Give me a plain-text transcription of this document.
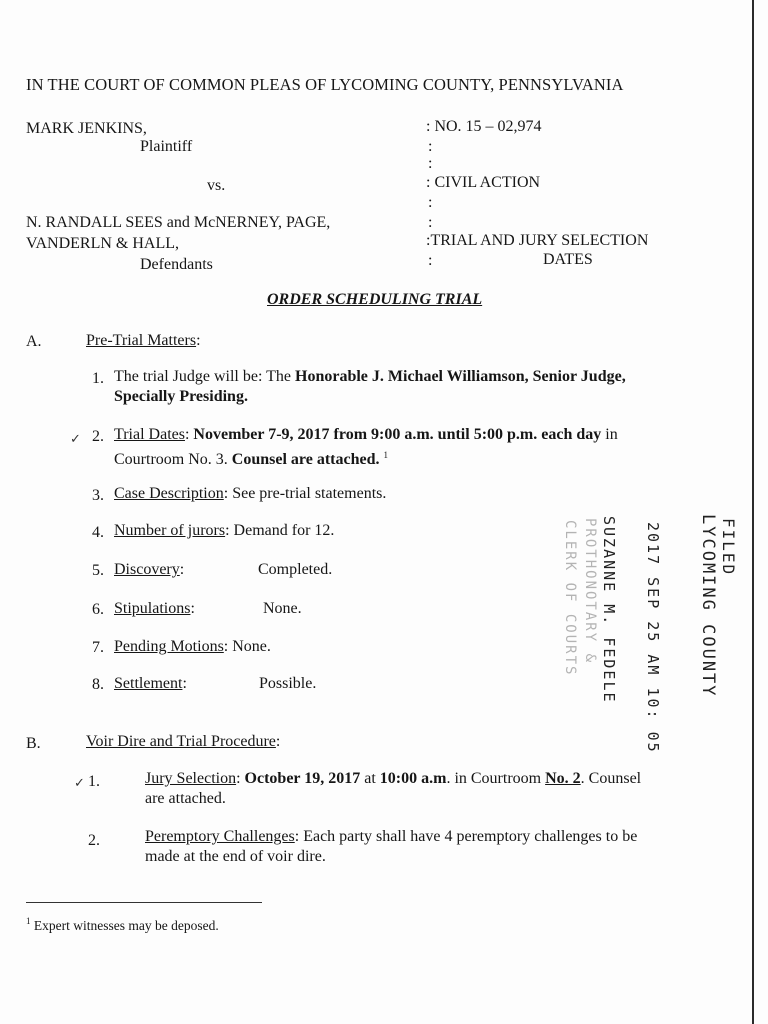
IN THE COURT OF COMMON PLEAS OF LYCOMING COUNTY, PENNSYLVANIA
MARK JENKINS,
Plaintiff
vs.
N. RANDALL SEES and McNERNEY, PAGE,
VANDERLN & HALL,
Defendants
: NO. 15 – 02,974
:
:
: CIVIL ACTION
:
:
:TRIAL AND JURY SELECTION
:	DATES
ORDER SCHEDULING TRIAL
A.	Pre-Trial Matters:
1. The trial Judge will be: The Honorable J. Michael Williamson, Senior Judge,
Specially Presiding.
✓ 2. Trial Dates: November 7-9, 2017 from 9:00 a.m. until 5:00 p.m. each day in
Courtroom No. 3. Counsel are attached. $^1$
3. Case Description: See pre-trial statements.
4. Number of jurors: Demand for 12.
5. Discovery:	Completed.
6. Stipulations:	None.
7. Pending Motions: None.
8. Settlement:	Possible.
FILED
LYCOMING COUNTY
2017 SEP 25 AM 10: 05
SUZANNE M. FEDELE
PROTHONOTARY &
CLERK OF COURTS
B.	Voir Dire and Trial Procedure:
✓ 1.	Jury Selection: October 19, 2017 at 10:00 a.m. in Courtroom No. 2. Counsel
are attached.
2.	Peremptory Challenges: Each party shall have 4 peremptory challenges to be
made at the end of voir dire.
$^1$ Expert witnesses may be deposed.
